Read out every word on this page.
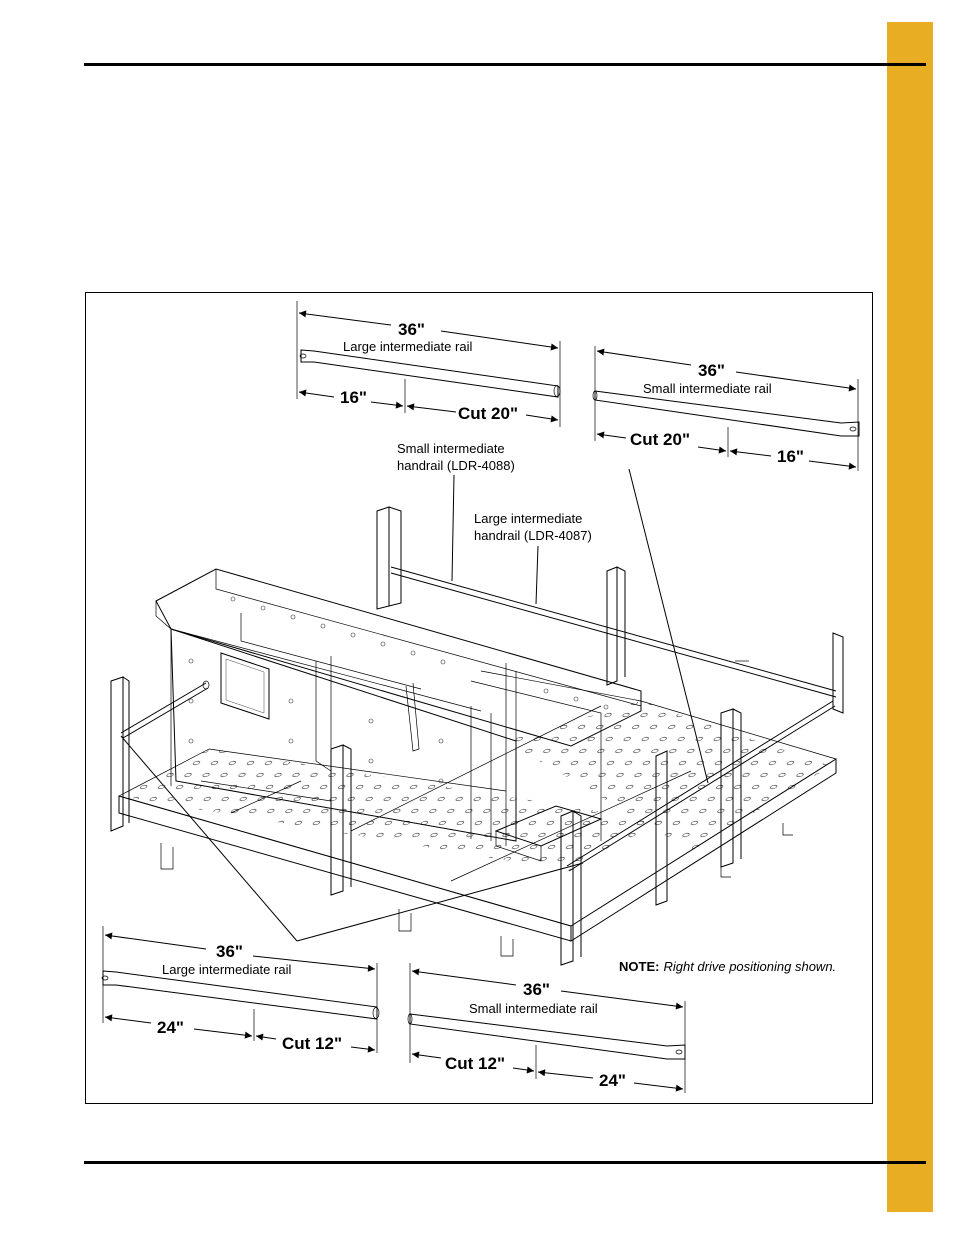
36"
Large intermediate rail
16"
Cut 20"
36"
Small intermediate rail
Cut 20"
16"
Small intermediate
handrail (LDR-4088)
Large intermediate
handrail (LDR-4087)
36"
Large intermediate rail
24"
Cut 12"
36"
Small intermediate rail
Cut 12"
24"
NOTE: Right drive positioning shown.
